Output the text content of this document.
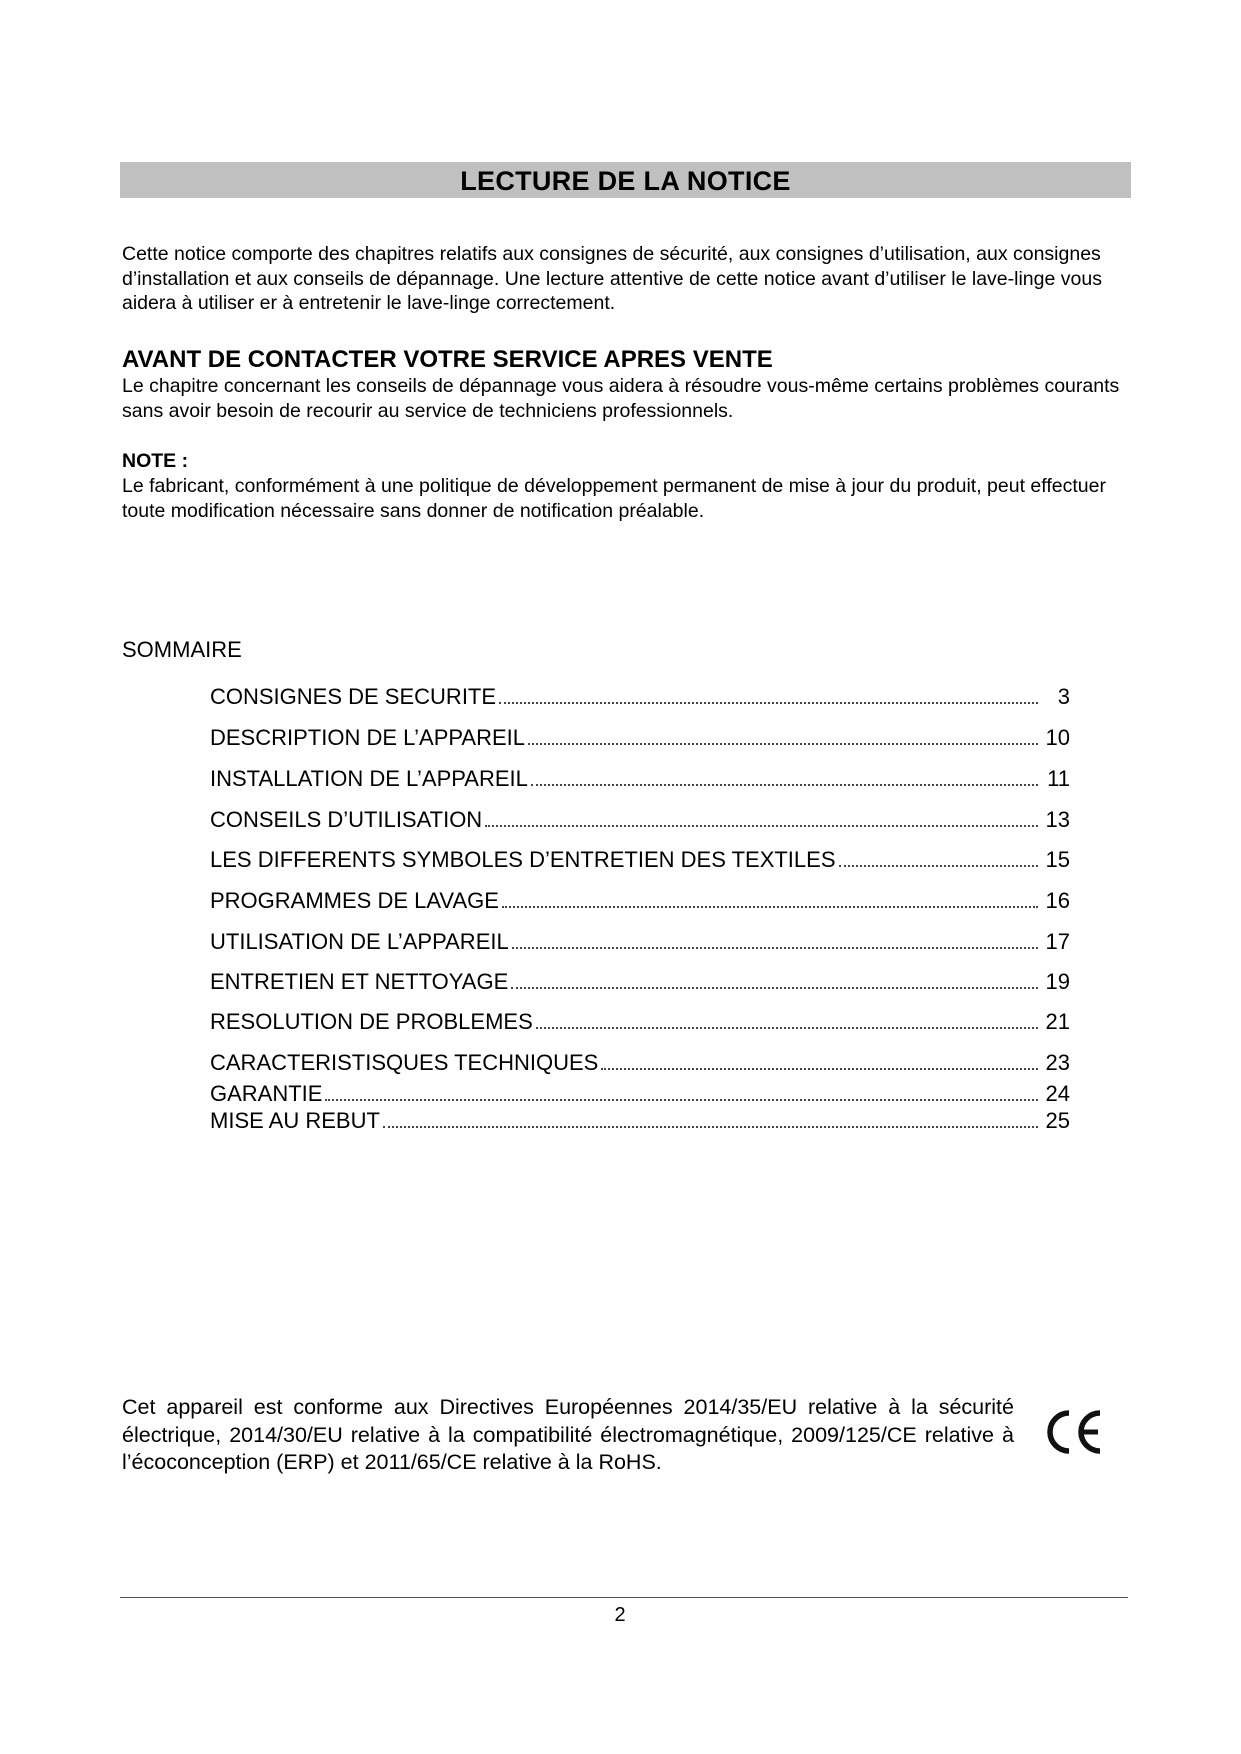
LECTURE DE LA NOTICE
Cette notice comporte des chapitres relatifs aux consignes de sécurité, aux consignes d’utilisation, aux consignes d’installation et aux conseils de dépannage. Une lecture attentive de cette notice avant d’utiliser le lave-linge vous aidera à utiliser er à entretenir le lave-linge correctement.
AVANT DE CONTACTER VOTRE SERVICE APRES VENTE
Le chapitre concernant les conseils de dépannage vous aidera à résoudre vous-même certains problèmes courants sans avoir besoin de recourir au service de techniciens professionnels.
NOTE :
Le fabricant, conformément à une politique de développement permanent de mise à jour du produit, peut effectuer toute modification nécessaire sans donner de notification préalable.
SOMMAIRE
CONSIGNES DE SECURITE	3
DESCRIPTION DE L’APPAREIL	10
INSTALLATION DE L’APPAREIL	11
CONSEILS D’UTILISATION	13
LES DIFFERENTS SYMBOLES D’ENTRETIEN DES TEXTILES	15
PROGRAMMES DE LAVAGE	16
UTILISATION DE L’APPAREIL	17
ENTRETIEN ET NETTOYAGE	19
RESOLUTION DE PROBLEMES	21
CARACTERISTISQUES TECHNIQUES	23
GARANTIE	24
MISE AU REBUT	25
Cet appareil est conforme aux Directives Européennes 2014/35/EU relative à la sécurité électrique, 2014/30/EU relative à la compatibilité électromagnétique, 2009/125/CE relative à l’écoconception (ERP) et 2011/65/CE relative à la RoHS.
2
